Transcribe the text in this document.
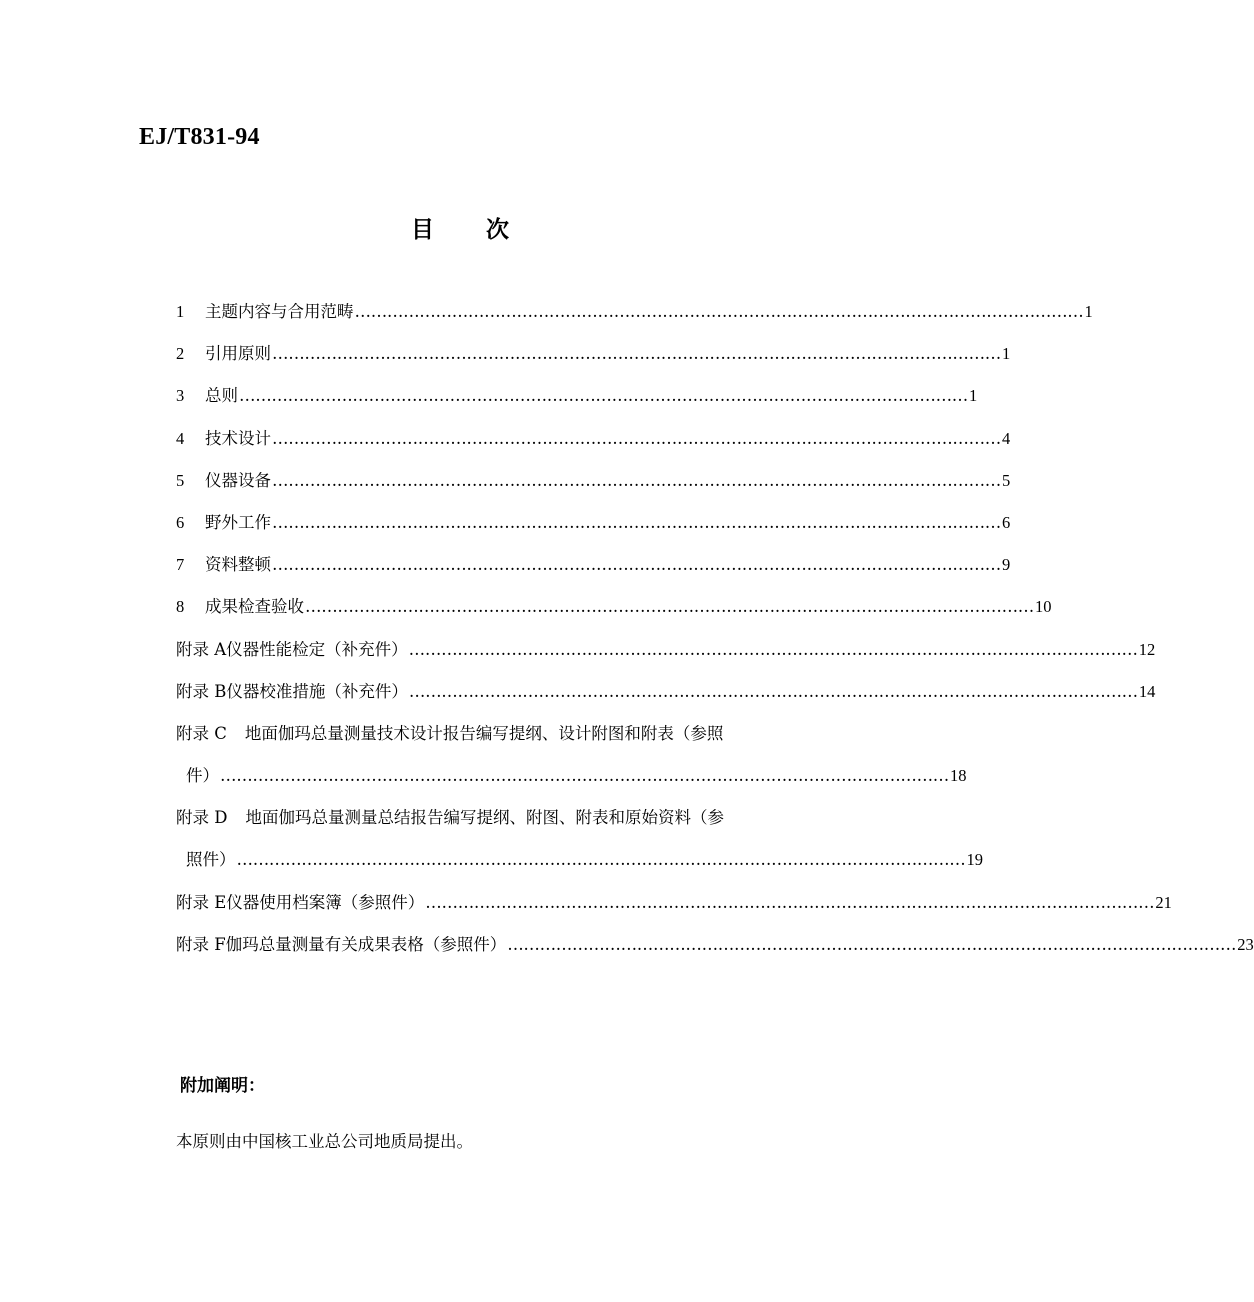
EJ/T831-94
目次
1	主题内容与合用范畴 ……………………………………………………………………………………………………………………… 1
2	引用原则 ……………………………………………………………………………………………………………………… 1
3	总则 ……………………………………………………………………………………………………………………… 1
4	技术设计 ……………………………………………………………………………………………………………………… 4
5	仪器设备 ……………………………………………………………………………………………………………………… 5
6	野外工作 ……………………………………………………………………………………………………………………… 6
7	资料整顿 ……………………………………………………………………………………………………………………… 9
8	成果检查验收 ……………………………………………………………………………………………………………………… 10
附录 A 仪器性能检定（补充件） ……………………………………………………………………………………………………………………… 12
附录 B 仪器校准措施（补充件） ……………………………………………………………………………………………………………………… 14
附录 C 地面伽玛总量测量技术设计报告编写提纲、设计附图和附表（参照
件） ……………………………………………………………………………………………………………………… 18
附录 D 地面伽玛总量测量总结报告编写提纲、附图、附表和原始资料（参
照件） ……………………………………………………………………………………………………………………… 19
附录 E 仪器使用档案簿（参照件） ……………………………………………………………………………………………………………………… 21
附录 F 伽玛总量测量有关成果表格（参照件） ……………………………………………………………………………………………………………………… 23
附加阐明：
本原则由中国核工业总公司地质局提出。
